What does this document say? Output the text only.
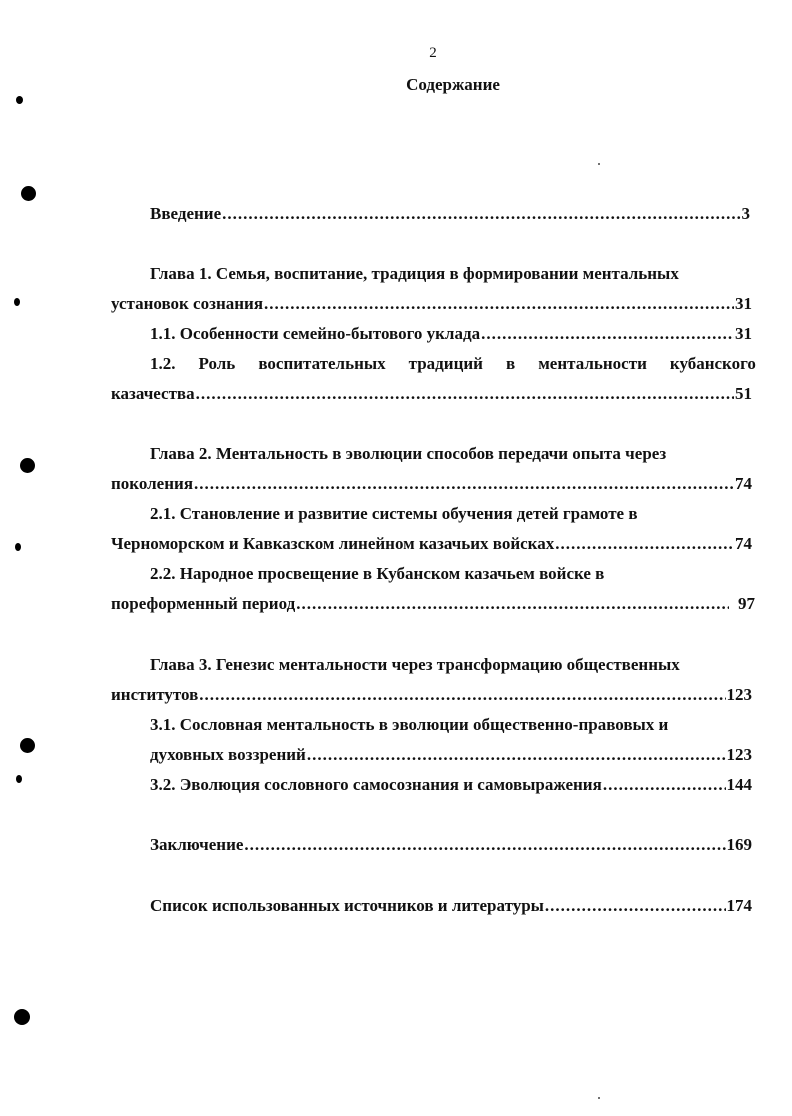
2
Содержание
Введение .....	3
Глава 1. Семья, воспитание, традиция в формировании ментальных
установок сознания .....	31
1.1. Особенности семейно-бытового уклада .....	31
1.2. Роль воспитательных традиций в ментальности кубанского
казачества .....	51
Глава 2. Ментальность в эволюции способов передачи опыта через
поколения .....	74
2.1. Становление и развитие системы обучения детей грамоте в
Черноморском и Кавказском линейном казачьих войсках .....	74
2.2. Народное просвещение в Кубанском казачьем войске в
пореформенный период .....	97
Глава 3. Генезис ментальности через трансформацию общественных
институтов .....	123
3.1. Сословная ментальность в эволюции общественно-правовых и
духовных воззрений .....	123
3.2. Эволюция сословного самосознания и самовыражения .....	144
Заключение .....	169
Список использованных источников и литературы .....	174
